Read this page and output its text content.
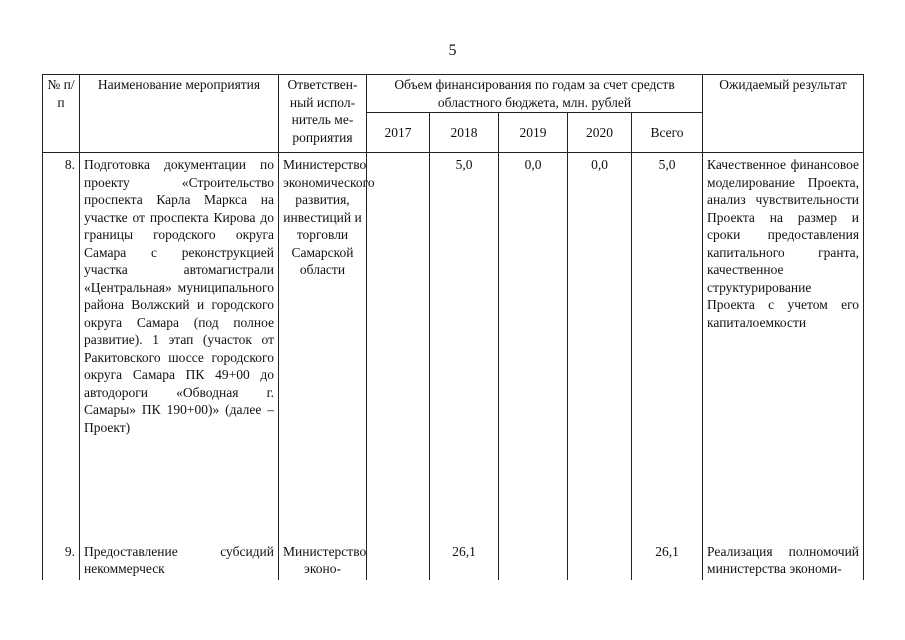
5
№ п/п	Наименование мероприятия	Ответствен-ный испол-нитель ме-роприятия	Объем финансирования по годам за счет средств областного бюджета, млн. рублей					Ожидаемый результат
			2017	2018	2019	2020	Всего	
8.	Подготовка документации по проекту «Строительство проспекта Карла Маркса на участке от проспекта Кирова до границы городского округа Самара с реконструкцией участка автомагистрали «Центральная» муниципального района Волжский и городского округа Самара (под полное развитие). 1 этап (участок от Ракитовского шоссе городского округа Самара ПК 49+00 до автодороги «Обводная г. Самары» ПК 190+00)» (далее – Проект)	Министерство экономического развития, инвестиций и торговли Самарской области		5,0	0,0	0,0	5,0	Качественное финансовое моделирование Проекта, анализ чувствительности Проекта на размер и сроки предоставления капитального гранта, качественное структурирование Проекта с учетом его капиталоемкости
9.	Предоставление субсидий некоммерческ	Министерство эконо-		26,1			26,1	Реализация полномочий министерства экономи-
